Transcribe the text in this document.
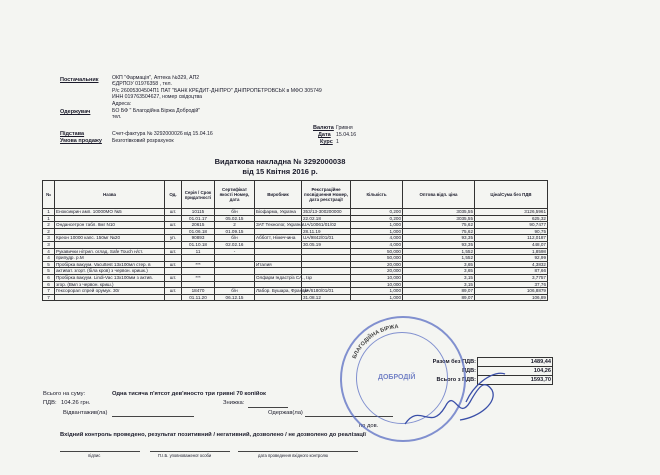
Постачальник	ОКП "Фармація", Аптека №329, АП2
ЄДРПОУ 01976358 , тел.
Р/с 26005304504П1 ПАТ "БАНК КРЕДИТ-ДНІПРО" ДНІПРОПЕТРОВСЬК в МФО 305749
ИНН 019763504627, номер свідоцтва
Адреса:
Одержувач	БО БФ " Благодійна Біржа Добродій"
тел.
Валюта Гривня
Дата 15.04.16
Курс 1
Підстава	Счет-фактура № 3292000026 від 15.04.16
Умова продажу Безготівковий розрахунок
Видаткова накладна № 3292000038
від 15 Квітня 2016 р.
№	Назва	Од.	Серія / Срок придатності	Сертифікат якості Номер, дата	Виробник	Реєстраційне посвідчення Номер, дата реєстрації	Кількість	Оптова відп. ціна	Ціна/Сума без ПДВ
1	Еноксикрин амп. 10000МО №5	шт.	10115	б/н	Біофарма, Україна	353/13-300200000	0,200	3035,55	3126,5961
1			01.01.17	05.02.15		22.02.18	0,200	3035,55	625,32
2	Ондансетрон табл. 8мг N10	шт.	20615	2	ЗАТ Технолог, Україна	UA/10061/01/02	1,000	75,62	90,7477
2			01.06.18	01.09.15		28.11.19	1,000	75,62	90,75
3	Креон 10000 капс. 150мг №20	уп.	90893	б/н	Абботт, Німеччина	UA/9842/01/01	4,000	93,35	112,0187
3			01.10.18	02.02.16		30.05.19	4,000	93,35	448,07
4	Рукавички нітрил. оглад. Safe Touch н/ст.	шт.	11	-			50,000	1,552	1,8598
4	припудр. р.M						50,000	1,552	92,99
5	Пробірка вакуум. Vacuttest 13х100мл стер. в	шт.	***		Италия		20,000	3,65	4,3832
5	активат. згорт. (біла кров) з червон. кришк.)						20,000	3,65	87,66
6	Пробірка вакуум. Lindi-Vac 13х100мм з актив.	шт.	***		Олфарм Індастріз СА., Ізр		10,000	3,15	3,7757
6	згор. (Вмл з червон. криш.)						10,000	3,15	37,76
7	Гексорорал спрей орумук. 30г	шт.	18470	б/н	Лабор. Бушара, Франція	UA/6180/01/01	1,000	89,07	106,8879
7			01.11.20	06.12.15		31.08.12	1,000	89,07	106,89
Разом без ПДВ:	1489,44
ПДВ:	104,26
Всього з ПДВ:	1593,70
Всього на суму:	Одна тисяча п'ятсот дев'яносто три гривні 70 копійок
ПДВ: 104.26 грн.	Знижка:
Відвантажив(ла)	Одержав(ла)
по дов.
Вхідний контроль проведено, результат позитивний / негативний, дозволено / не дозволено до реалізації
підпис	П.І.Б. уповноваженої особи	дата проведення вхідного контролю
БЛАГОДІЙНА БІРЖА
ДОБРОДІЙ
